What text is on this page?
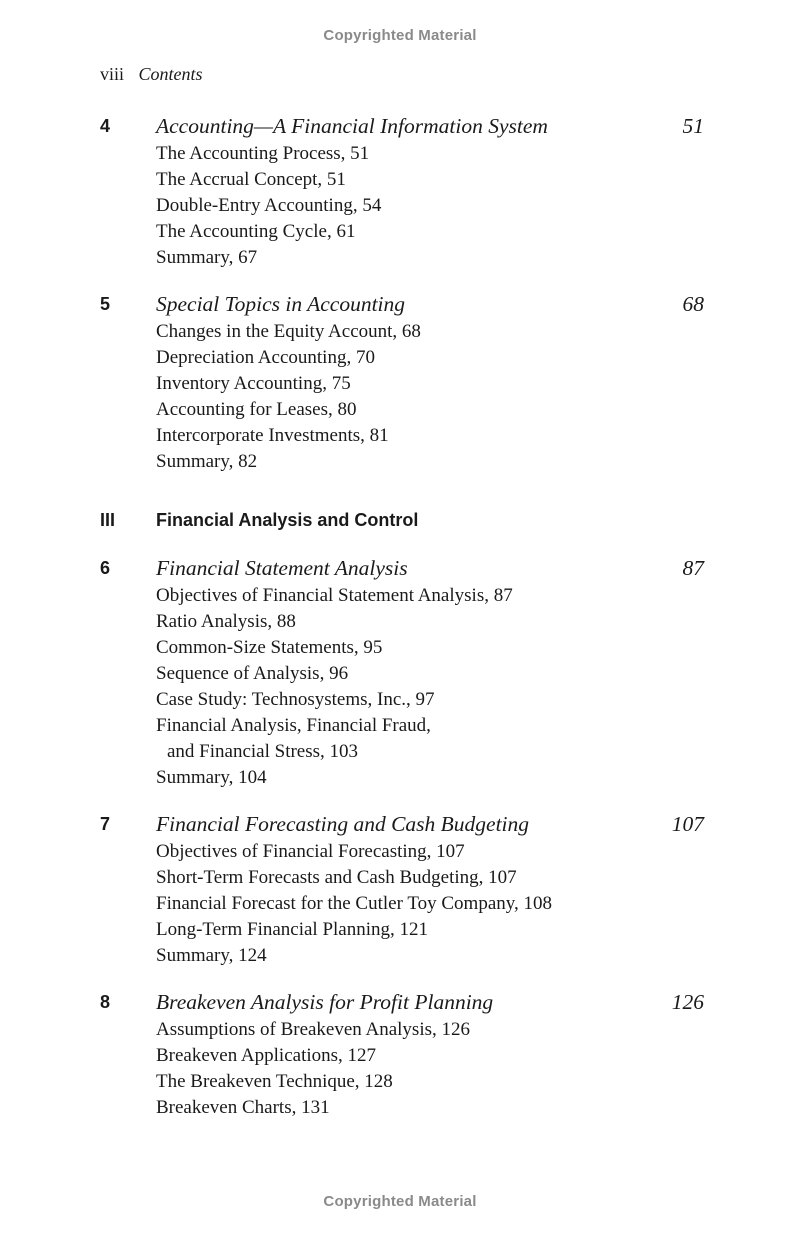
Copyrighted Material
viii Contents
4 Accounting—A Financial Information System	51
The Accounting Process, 51
The Accrual Concept, 51
Double-Entry Accounting, 54
The Accounting Cycle, 61
Summary, 67
5 Special Topics in Accounting	68
Changes in the Equity Account, 68
Depreciation Accounting, 70
Inventory Accounting, 75
Accounting for Leases, 80
Intercorporate Investments, 81
Summary, 82
III Financial Analysis and Control
6 Financial Statement Analysis	87
Objectives of Financial Statement Analysis, 87
Ratio Analysis, 88
Common-Size Statements, 95
Sequence of Analysis, 96
Case Study: Technosystems, Inc., 97
Financial Analysis, Financial Fraud,
and Financial Stress, 103
Summary, 104
7 Financial Forecasting and Cash Budgeting	107
Objectives of Financial Forecasting, 107
Short-Term Forecasts and Cash Budgeting, 107
Financial Forecast for the Cutler Toy Company, 108
Long-Term Financial Planning, 121
Summary, 124
8 Breakeven Analysis for Profit Planning	126
Assumptions of Breakeven Analysis, 126
Breakeven Applications, 127
The Breakeven Technique, 128
Breakeven Charts, 131
Copyrighted Material
